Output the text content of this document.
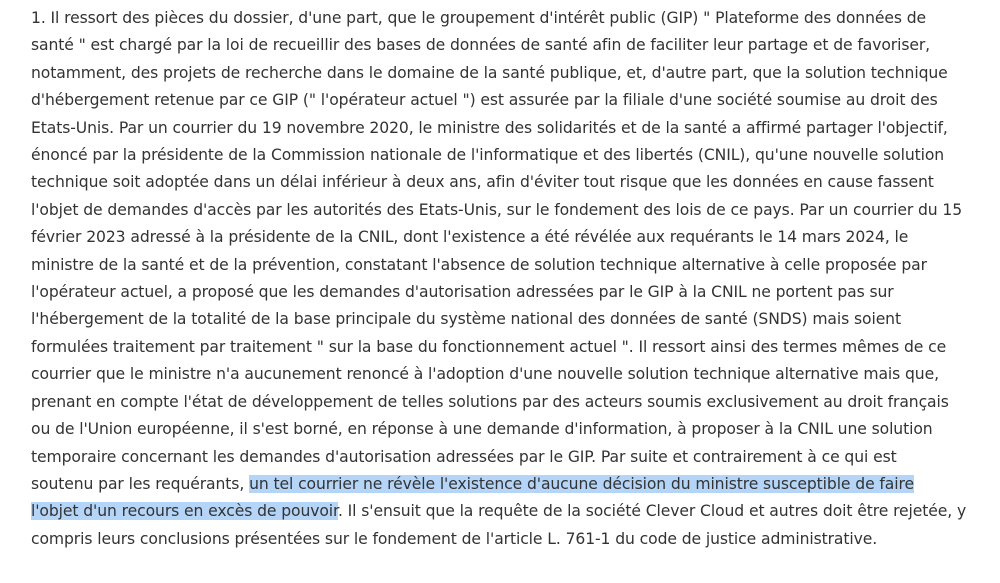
1. Il ressort des pièces du dossier, d'une part, que le groupement d'intérêt public (GIP) " Plateforme des données de
santé " est chargé par la loi de recueillir des bases de données de santé afin de faciliter leur partage et de favoriser,
notamment, des projets de recherche dans le domaine de la santé publique, et, d'autre part, que la solution technique
d'hébergement retenue par ce GIP (" l'opérateur actuel ") est assurée par la filiale d'une société soumise au droit des
Etats-Unis. Par un courrier du 19 novembre 2020, le ministre des solidarités et de la santé a affirmé partager l'objectif,
énoncé par la présidente de la Commission nationale de l'informatique et des libertés (CNIL), qu'une nouvelle solution
technique soit adoptée dans un délai inférieur à deux ans, afin d'éviter tout risque que les données en cause fassent
l'objet de demandes d'accès par les autorités des Etats-Unis, sur le fondement des lois de ce pays. Par un courrier du 15
février 2023 adressé à la présidente de la CNIL, dont l'existence a été révélée aux requérants le 14 mars 2024, le
ministre de la santé et de la prévention, constatant l'absence de solution technique alternative à celle proposée par
l'opérateur actuel, a proposé que les demandes d'autorisation adressées par le GIP à la CNIL ne portent pas sur
l'hébergement de la totalité de la base principale du système national des données de santé (SNDS) mais soient
formulées traitement par traitement " sur la base du fonctionnement actuel ". Il ressort ainsi des termes mêmes de ce
courrier que le ministre n'a aucunement renoncé à l'adoption d'une nouvelle solution technique alternative mais que,
prenant en compte l'état de développement de telles solutions par des acteurs soumis exclusivement au droit français
ou de l'Union européenne, il s'est borné, en réponse à une demande d'information, à proposer à la CNIL une solution
temporaire concernant les demandes d'autorisation adressées par le GIP. Par suite et contrairement à ce qui est
soutenu par les requérants, un tel courrier ne révèle l'existence d'aucune décision du ministre susceptible de faire
l'objet d'un recours en excès de pouvoir. Il s'ensuit que la requête de la société Clever Cloud et autres doit être rejetée, y
compris leurs conclusions présentées sur le fondement de l'article L. 761-1 du code de justice administrative.
